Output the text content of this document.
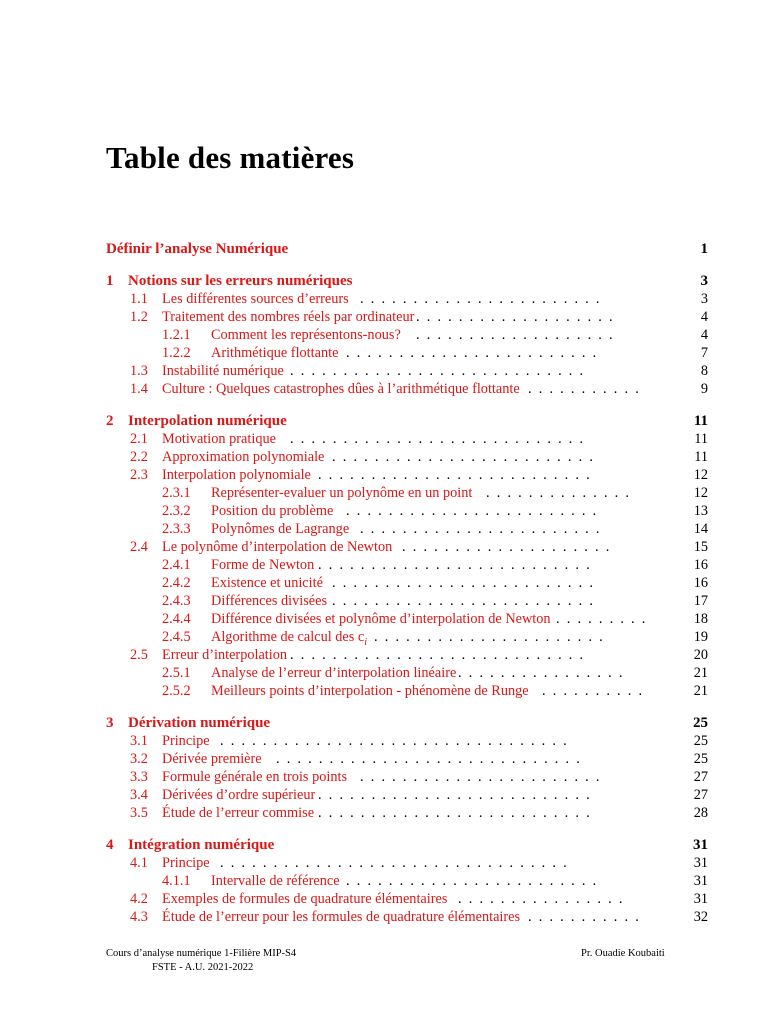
Table des matières
Définir l’analyse Numérique	1
1 Notions sur les erreurs numériques	3
1.1 Les différentes sources d’erreurs	3
.  .  .  .  .  .  .  .  .  .  .  .  .  .  .  .  .  .  .  .  .  .  .
1.2 Traitement des nombres réels par ordinateur	4
.  .  .  .  .  .  .  .  .  .  .  .  .  .  .  .  .  .  .
1.2.1 Comment les représentons-nous?	4
.  .  .  .  .  .  .  .  .  .  .  .  .  .  .  .  .  .  .
1.2.2 Arithmétique flottante	7
.  .  .  .  .  .  .  .  .  .  .  .  .  .  .  .  .  .  .  .  .  .  .  .
1.3 Instabilité numérique	8
.  .  .  .  .  .  .  .  .  .  .  .  .  .  .  .  .  .  .  .  .  .  .  .  .  .  .  .
1.4 Culture : Quelques catastrophes dûes à l’arithmétique flottante	9
.  .  .  .  .  .  .  .  .  .  .
2 Interpolation numérique	11
2.1 Motivation pratique	11
.  .  .  .  .  .  .  .  .  .  .  .  .  .  .  .  .  .  .  .  .  .  .  .  .  .  .  .
2.2 Approximation polynomiale	11
.  .  .  .  .  .  .  .  .  .  .  .  .  .  .  .  .  .  .  .  .  .  .  .  .
2.3 Interpolation polynomiale	12
.  .  .  .  .  .  .  .  .  .  .  .  .  .  .  .  .  .  .  .  .  .  .  .  .  .
2.3.1 Représenter-evaluer un polynôme en un point	12
.  .  .  .  .  .  .  .  .  .  .  .  .  .
2.3.2 Position du problème	13
.  .  .  .  .  .  .  .  .  .  .  .  .  .  .  .  .  .  .  .  .  .  .  .
2.3.3 Polynômes de Lagrange	14
.  .  .  .  .  .  .  .  .  .  .  .  .  .  .  .  .  .  .  .  .  .  .
2.4 Le polynôme d’interpolation de Newton	15
.  .  .  .  .  .  .  .  .  .  .  .  .  .  .  .  .  .  .  .
2.4.1 Forme de Newton	16
.  .  .  .  .  .  .  .  .  .  .  .  .  .  .  .  .  .  .  .  .  .  .  .  .  .
2.4.2 Existence et unicité	16
.  .  .  .  .  .  .  .  .  .  .  .  .  .  .  .  .  .  .  .  .  .  .  .  .
2.4.3 Différences divisées	17
.  .  .  .  .  .  .  .  .  .  .  .  .  .  .  .  .  .  .  .  .  .  .  .  .
2.4.4 Différence divisées et polynôme d’interpolation de Newton	18
.  .  .  .  .  .  .  .  .
2.4.5 Algorithme de calcul des $c_i$	19
.  .  .  .  .  .  .  .  .  .  .  .  .  .  .  .  .  .  .  .  .  .
2.5 Erreur d’interpolation	20
.  .  .  .  .  .  .  .  .  .  .  .  .  .  .  .  .  .  .  .  .  .  .  .  .  .  .  .
2.5.1 Analyse de l’erreur d’interpolation linéaire	21
.  .  .  .  .  .  .  .  .  .  .  .  .  .  .  .
2.5.2 Meilleurs points d’interpolation - phénomène de Runge	21
.  .  .  .  .  .  .  .  .  .
3 Dérivation numérique	25
3.1 Principe	25
.  .  .  .  .  .  .  .  .  .  .  .  .  .  .  .  .  .  .  .  .  .  .  .  .  .  .  .  .  .  .  .  .
3.2 Dérivée première	25
.  .  .  .  .  .  .  .  .  .  .  .  .  .  .  .  .  .  .  .  .  .  .  .  .  .  .  .  .
3.3 Formule générale en trois points	27
.  .  .  .  .  .  .  .  .  .  .  .  .  .  .  .  .  .  .  .  .  .  .
3.4 Dérivées d’ordre supérieur	27
.  .  .  .  .  .  .  .  .  .  .  .  .  .  .  .  .  .  .  .  .  .  .  .  .  .
3.5 Étude de l’erreur commise	28
.  .  .  .  .  .  .  .  .  .  .  .  .  .  .  .  .  .  .  .  .  .  .  .  .  .
4 Intégration numérique	31
4.1 Principe	31
.  .  .  .  .  .  .  .  .  .  .  .  .  .  .  .  .  .  .  .  .  .  .  .  .  .  .  .  .  .  .  .  .
4.1.1 Intervalle de référence	31
.  .  .  .  .  .  .  .  .  .  .  .  .  .  .  .  .  .  .  .  .  .  .  .
4.2 Exemples de formules de quadrature élémentaires	31
.  .  .  .  .  .  .  .  .  .  .  .  .  .  .  .
4.3 Étude de l’erreur pour les formules de quadrature élémentaires	32
.  .  .  .  .  .  .  .  .  .  .
Cours d’analyse numérique 1-Filière MIP-S4
FSTE - A.U. 2021-2022
Pr. Ouadie Koubaiti
